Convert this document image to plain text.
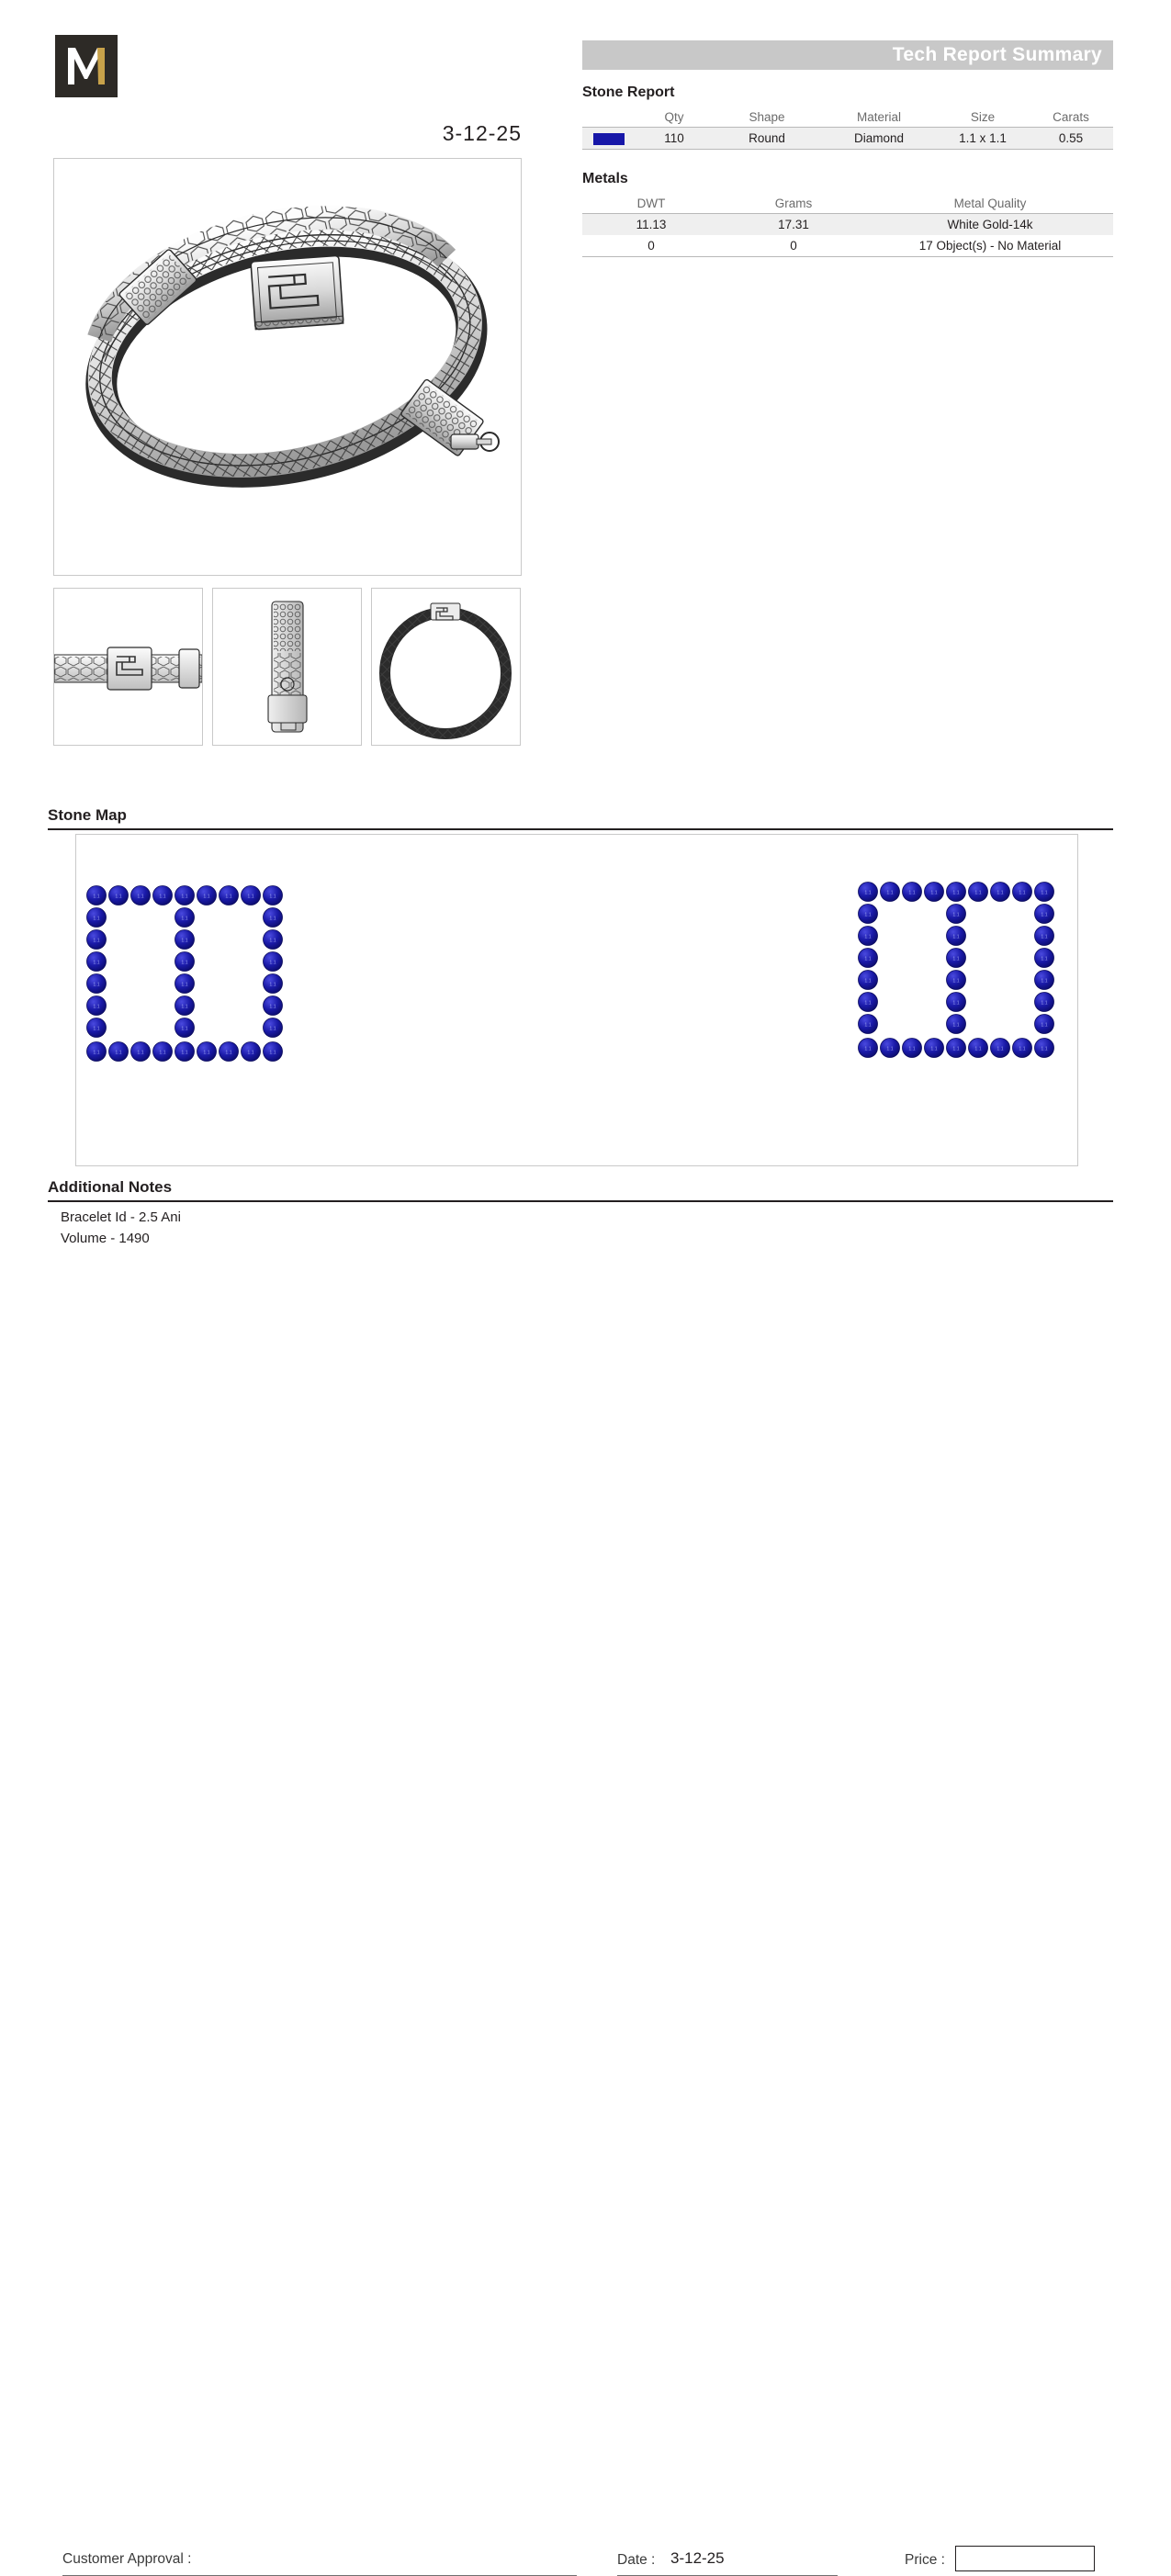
3-12-25
Tech Report Summary
Stone Report
	Qty	Shape	Material	Size	Carats
	110	Round	Diamond	1.1 x 1.1	0.55
Metals
DWT	Grams	Metal Quality
11.13	17.31	White Gold-14k
0	0	17 Object(s) - No Material
Stone Map
1.1	1.1	1.1	1.1	1.1	1.1	1.1	1.1	1.1
1.1
1.1
1.1
1.1
1.1
1.1
1.1
1.1
1.1
1.1
1.1
1.1
1.1
1.1
1.1
1.1
1.1
1.1
1.1	1.1	1.1	1.1	1.1	1.1	1.1	1.1	1.1
1.1	1.1	1.1	1.1	1.1	1.1	1.1	1.1	1.1
1.1
1.1
1.1
1.1
1.1
1.1
1.1
1.1
1.1
1.1
1.1
1.1
1.1
1.1
1.1
1.1
1.1
1.1
1.1	1.1	1.1	1.1	1.1	1.1	1.1	1.1	1.1
Additional Notes
Bracelet Id - 2.5 Ani
Volume - 1490
Customer Approval :	Date : 3-12-25	Price :
